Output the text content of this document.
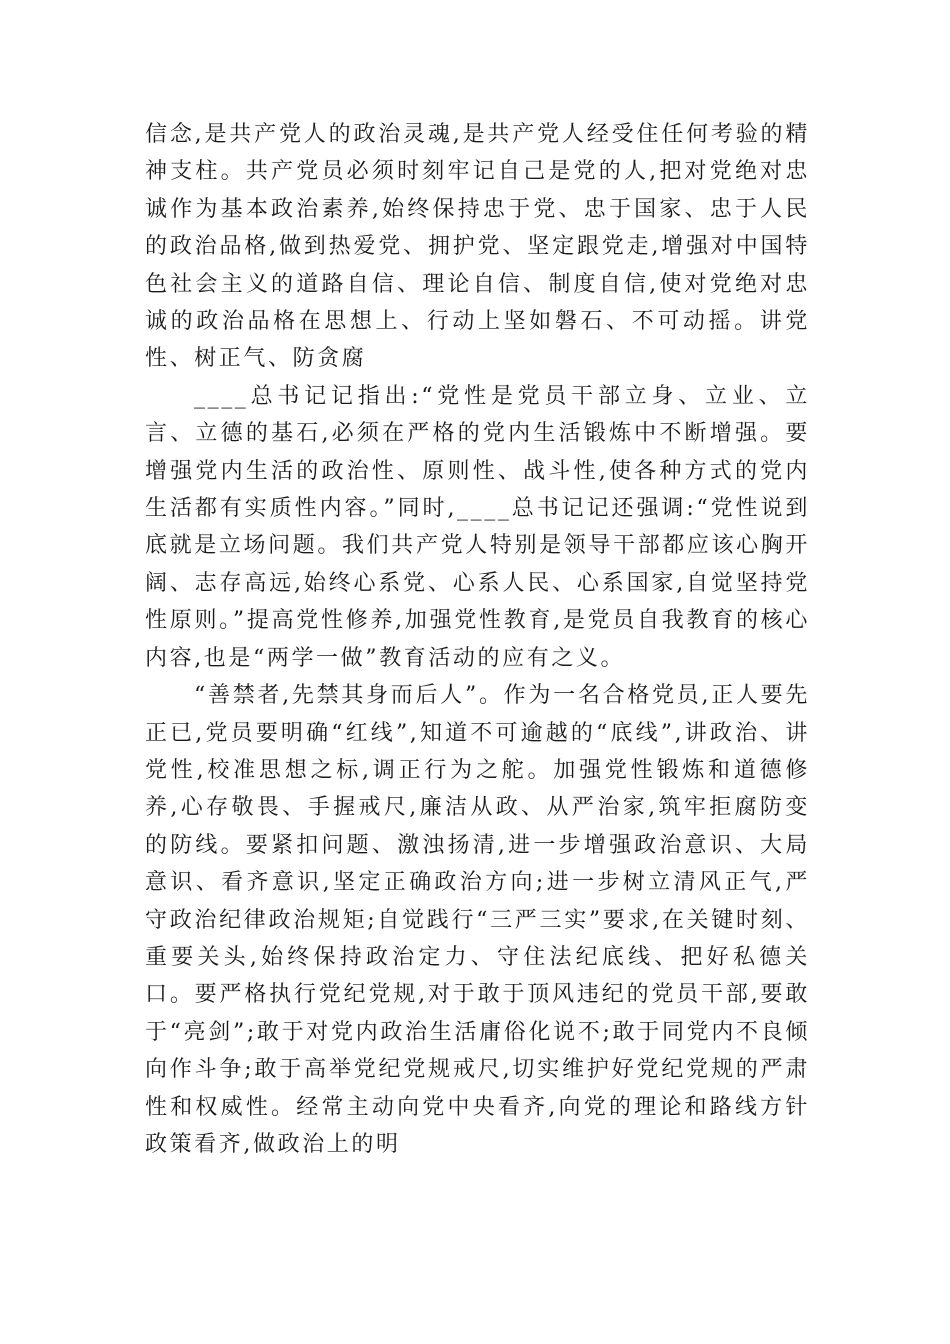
信念,是共产党人的政治灵魂,是共产党人经受住任何考验的精神支柱。共产党员必须时刻牢记自己是党的人,把对党绝对忠诚作为基本政治素养,始终保持忠于党、忠于国家、忠于人民的政治品格,做到热爱党、拥护党、坚定跟党走,增强对中国特色社会主义的道路自信、理论自信、制度自信,使对党绝对忠诚的政治品格在思想上、行动上坚如磐石、不可动摇。讲党性、树正气、防贪腐

____总书记记指出:“党性是党员干部立身、立业、立言、立德的基石,必须在严格的党内生活锻炼中不断增强。要增强党内生活的政治性、原则性、战斗性,使各种方式的党内生活都有实质性内容。”同时,____总书记记还强调:“党性说到底就是立场问题。我们共产党人特别是领导干部都应该心胸开阔、志存高远,始终心系党、心系人民、心系国家,自觉坚持党性原则。”提高党性修养,加强党性教育,是党员自我教育的核心内容,也是“两学一做”教育活动的应有之义。

“善禁者,先禁其身而后人”。作为一名合格党员,正人要先正已,党员要明确“红线”,知道不可逾越的“底线”,讲政治、讲党性,校准思想之标,调正行为之舵。加强党性锻炼和道德修养,心存敬畏、手握戒尺,廉洁从政、从严治家,筑牢拒腐防变的防线。要紧扣问题、激浊扬清,进一步增强政治意识、大局意识、看齐意识,坚定正确政治方向;进一步树立清风正气,严守政治纪律政治规矩;自觉践行“三严三实”要求,在关键时刻、重要关头,始终保持政治定力、守住法纪底线、把好私德关口。要严格执行党纪党规,对于敢于顶风违纪的党员干部,要敢于“亮剑”;敢于对党内政治生活庸俗化说不;敢于同党内不良倾向作斗争;敢于高举党纪党规戒尺,切实维护好党纪党规的严肃性和权威性。经常主动向党中央看齐,向党的理论和路线方针政策看齐,做政治上的明
